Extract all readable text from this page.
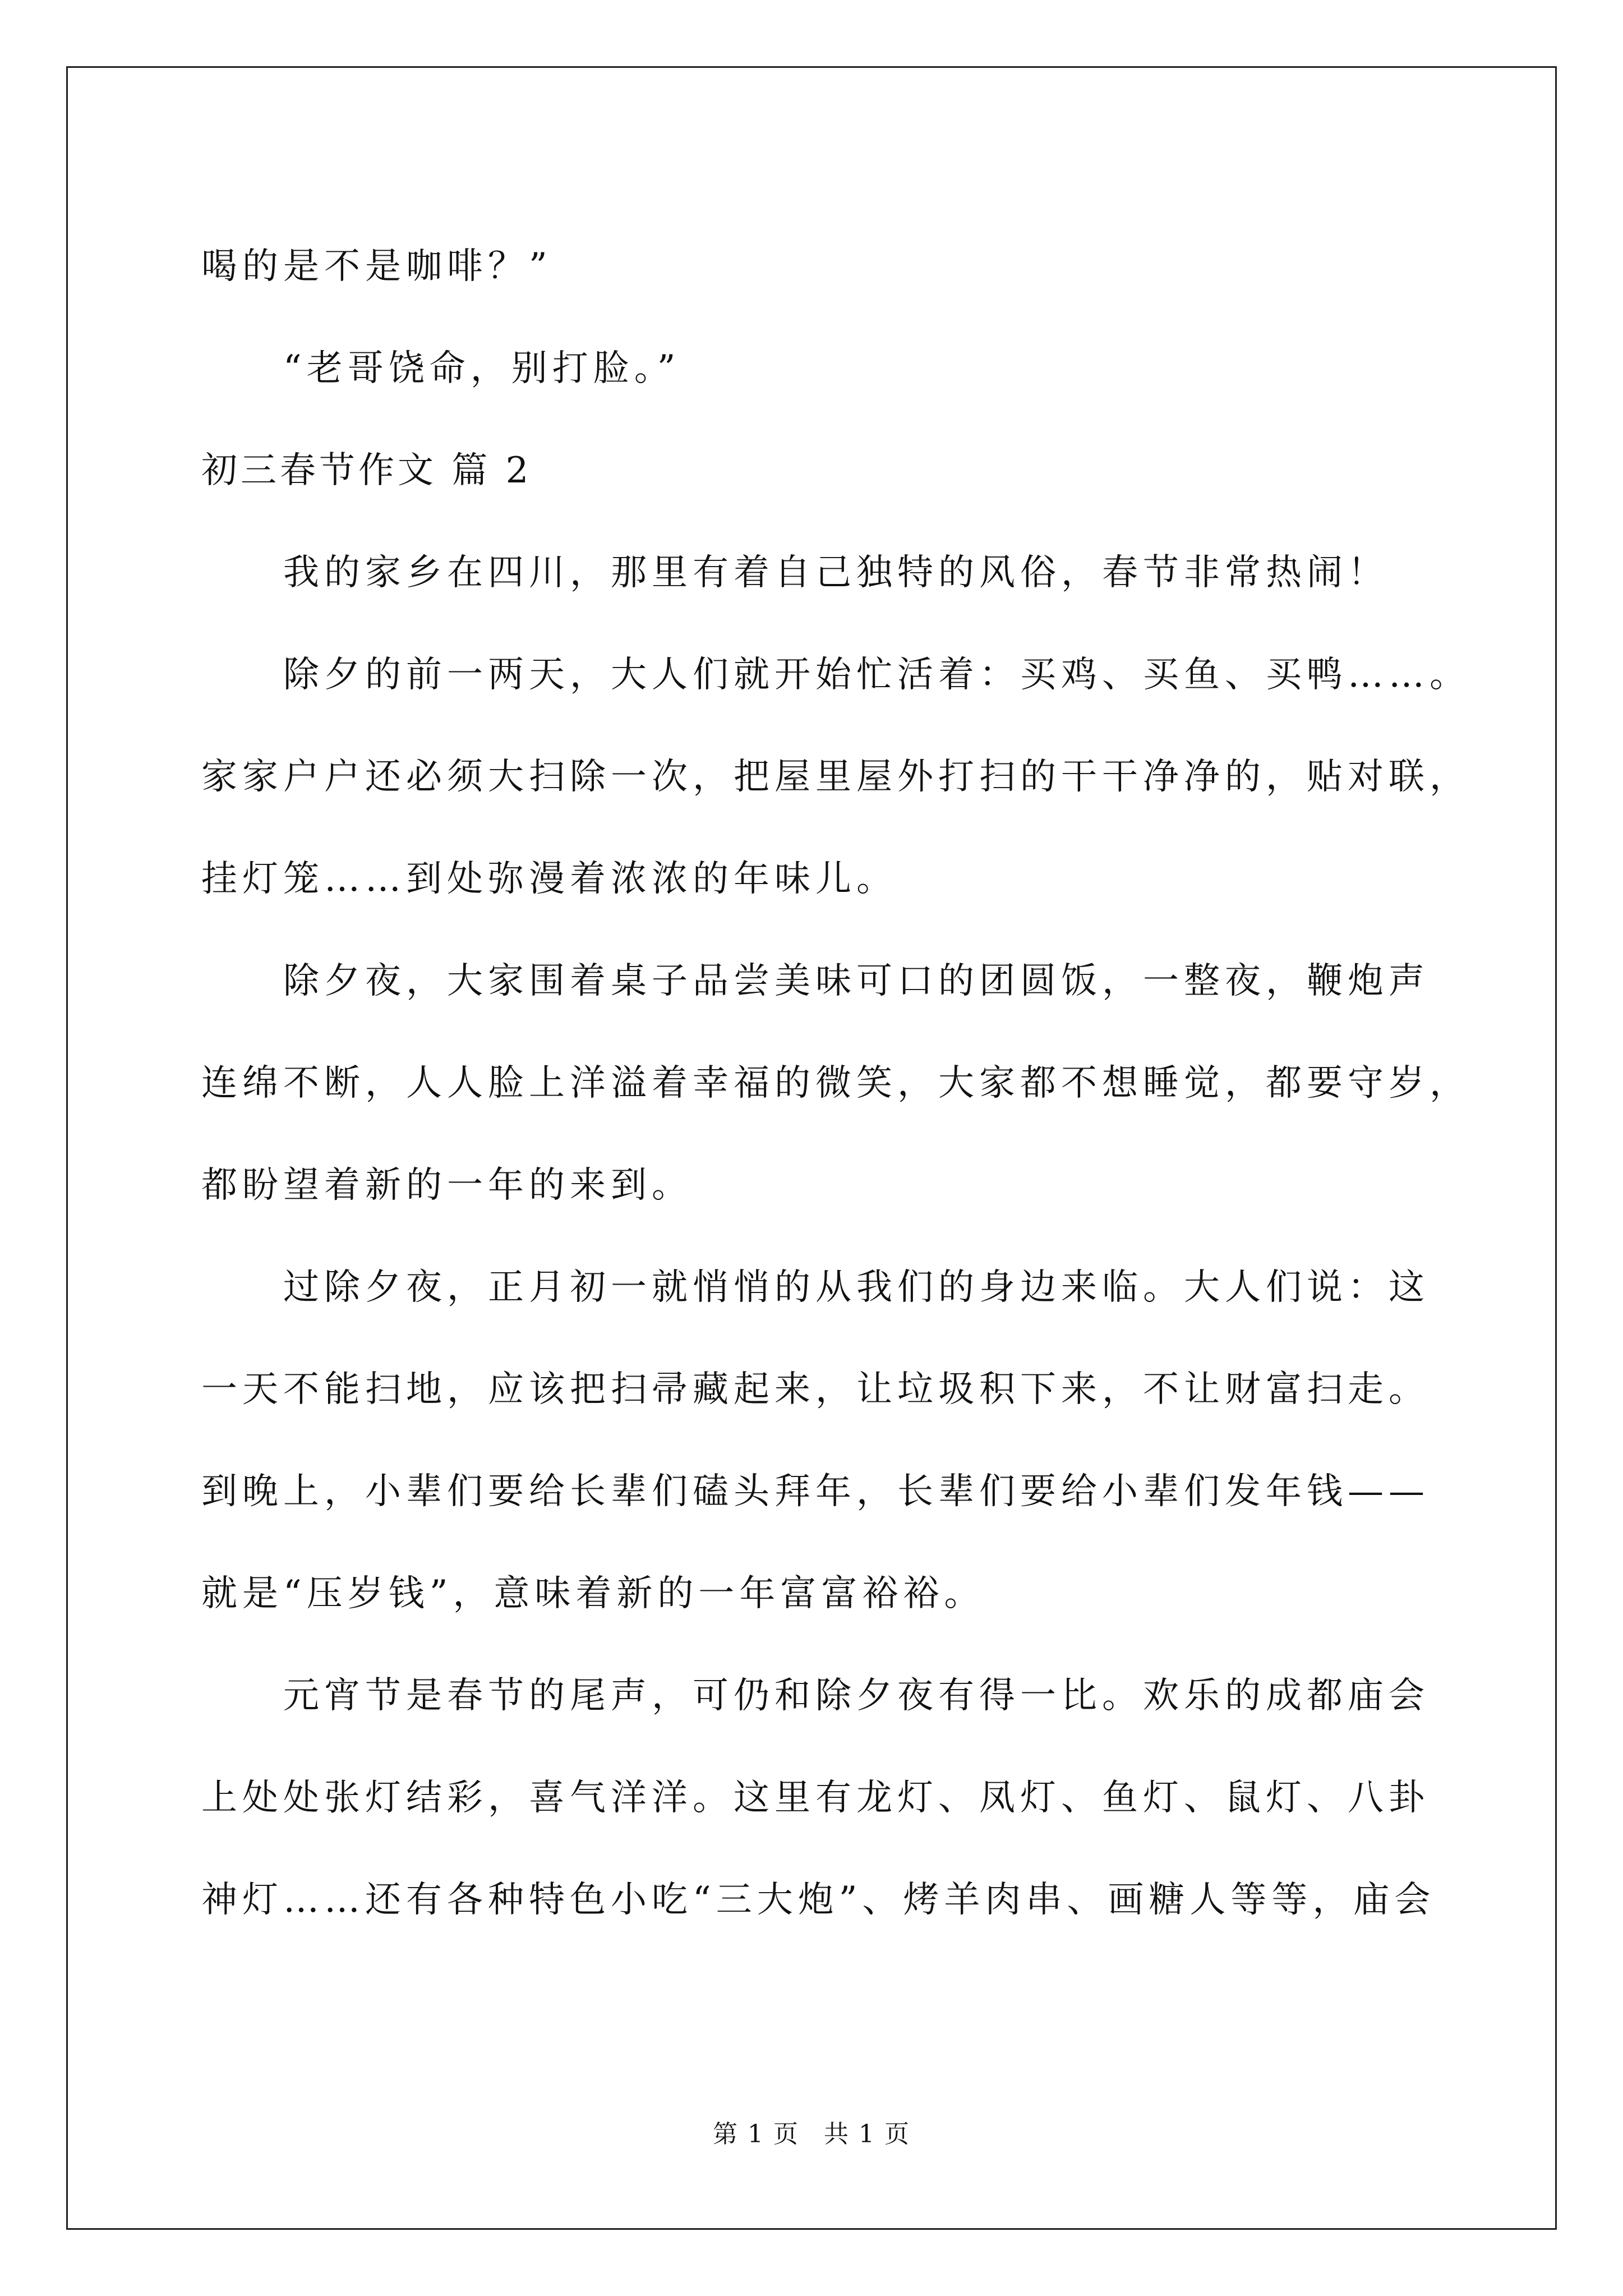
喝的是不是咖啡？”

“老哥饶命，别打脸。”

初三春节作文 篇 2

我的家乡在四川，那里有着自己独特的风俗，春节非常热闹！

除夕的前一两天，大人们就开始忙活着：买鸡、买鱼、买鸭……。

家家户户还必须大扫除一次，把屋里屋外打扫的干干净净的，贴对联，

挂灯笼……到处弥漫着浓浓的年味儿。

除夕夜，大家围着桌子品尝美味可口的团圆饭，一整夜，鞭炮声

连绵不断，人人脸上洋溢着幸福的微笑，大家都不想睡觉，都要守岁，

都盼望着新的一年的来到。

过除夕夜，正月初一就悄悄的从我们的身边来临。大人们说：这

一天不能扫地，应该把扫帚藏起来，让垃圾积下来，不让财富扫走。

到晚上，小辈们要给长辈们磕头拜年，长辈们要给小辈们发年钱——

就是“压岁钱”，意味着新的一年富富裕裕。

元宵节是春节的尾声，可仍和除夕夜有得一比。欢乐的成都庙会

上处处张灯结彩，喜气洋洋。这里有龙灯、凤灯、鱼灯、鼠灯、八卦

神灯……还有各种特色小吃“三大炮”、烤羊肉串、画糖人等等，庙会

第 1 页 共 1 页
